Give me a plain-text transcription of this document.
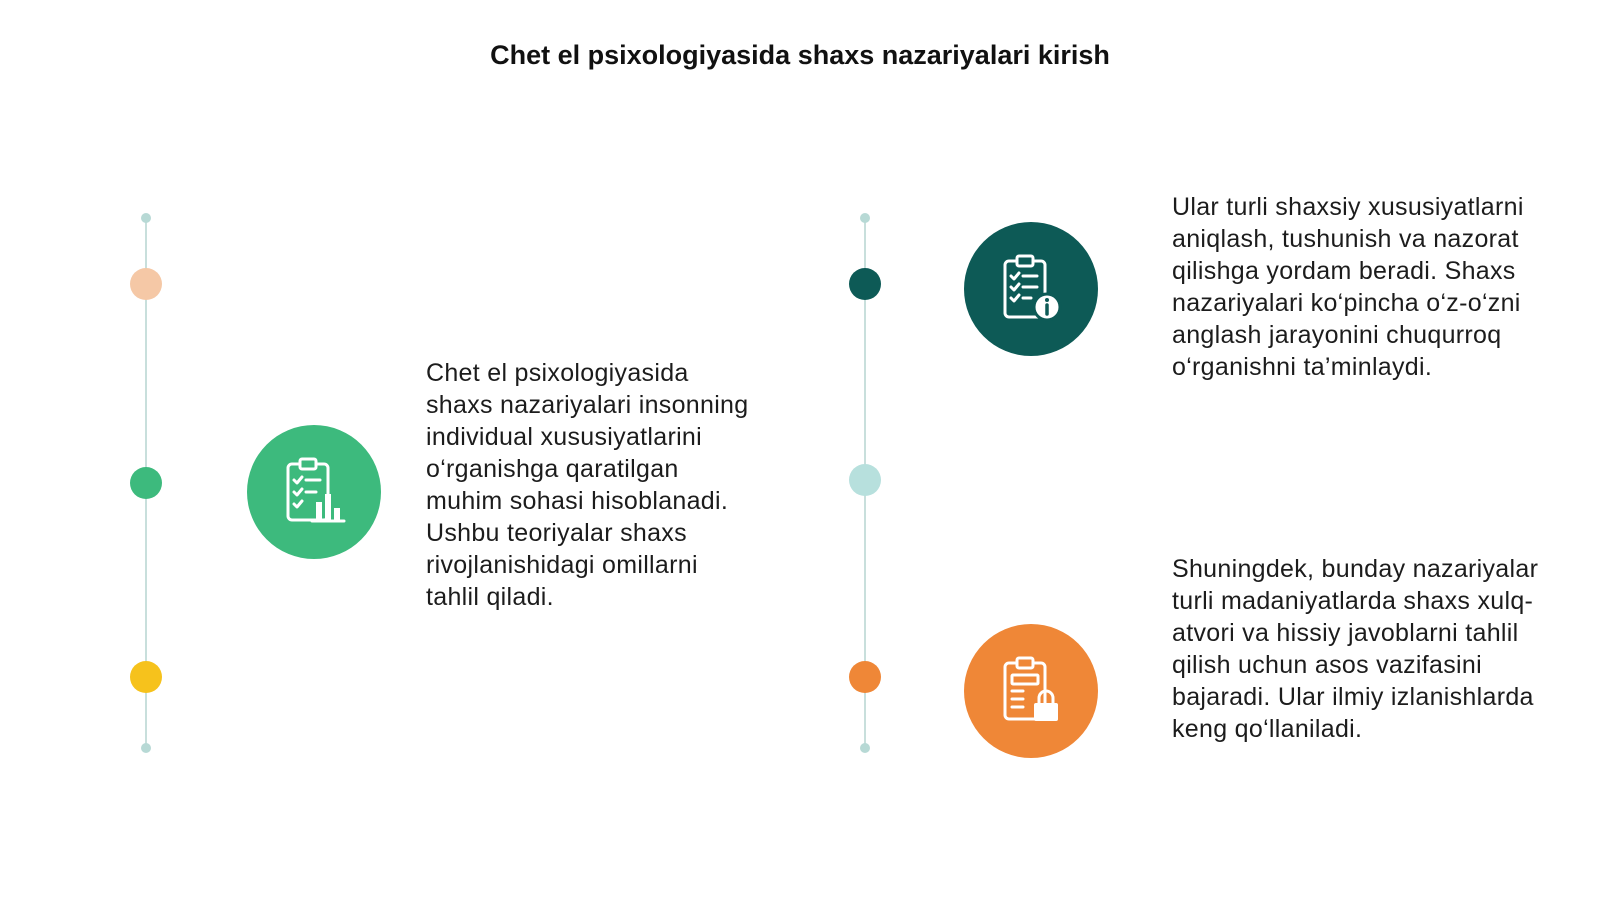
Chet el psixologiyasida shaxs nazariyalari kirish
Chet el psixologiyasida shaxs nazariyalari insonning individual xususiyatlarini o‘rganishga qaratilgan muhim sohasi hisoblanadi. Ushbu teoriyalar shaxs rivojlanishidagi omillarni tahlil qiladi.
Ular turli shaxsiy xususiyatlarni aniqlash, tushunish va nazorat qilishga yordam beradi. Shaxs nazariyalari ko‘pincha o‘z-o‘zni anglash jarayonini chuqurroq o‘rganishni ta’minlaydi.
Shuningdek, bunday nazariyalar turli madaniyatlarda shaxs xulq-atvori va hissiy javoblarni tahlil qilish uchun asos vazifasini bajaradi. Ular ilmiy izlanishlarda keng qo‘llaniladi.
